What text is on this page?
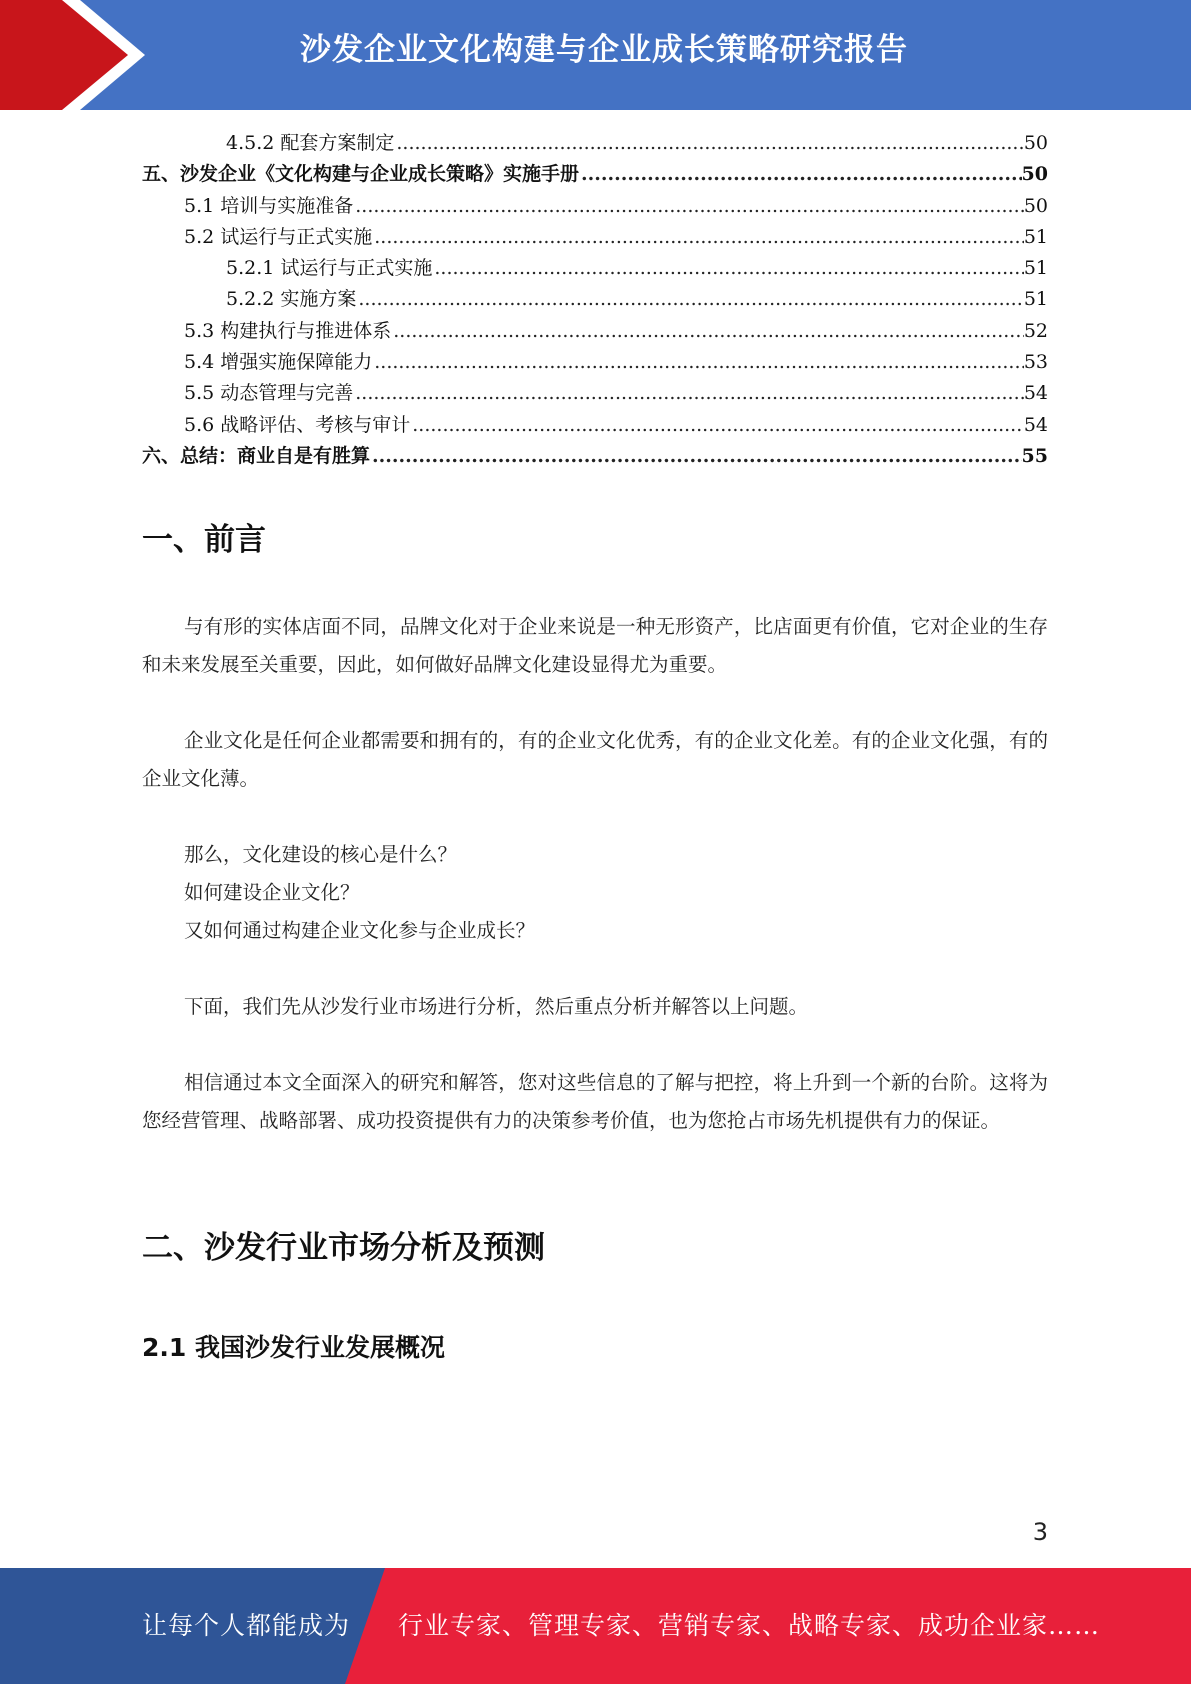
沙发企业文化构建与企业成长策略研究报告
4.5.2 配套方案制定 .....	50
五、沙发企业《文化构建与企业成长策略》实施手册 .....	50
5.1 培训与实施准备 .....	50
5.2 试运行与正式实施 .....	51
5.2.1 试运行与正式实施 .....	51
5.2.2 实施方案 .....	51
5.3 构建执行与推进体系 .....	52
5.4 增强实施保障能力 .....	53
5.5 动态管理与完善 .....	54
5.6 战略评估、考核与审计 .....	54
六、总结：商业自是有胜算 .....	55
一、前言

与有形的实体店面不同，品牌文化对于企业来说是一种无形资产，比店面更有价值，它对企业的生存和未来发展至关重要，因此，如何做好品牌文化建设显得尤为重要。

企业文化是任何企业都需要和拥有的，有的企业文化优秀，有的企业文化差。有的企业文化强，有的企业文化薄。

那么，文化建设的核心是什么？
如何建设企业文化？
又如何通过构建企业文化参与企业成长？

下面，我们先从沙发行业市场进行分析，然后重点分析并解答以上问题。

相信通过本文全面深入的研究和解答，您对这些信息的了解与把控，将上升到一个新的台阶。这将为您经营管理、战略部署、成功投资提供有力的决策参考价值，也为您抢占市场先机提供有力的保证。

二、沙发行业市场分析及预测
2.1 我国沙发行业发展概况
3
让每个人都能成为 行业专家、管理专家、营销专家、战略专家、成功企业家……
